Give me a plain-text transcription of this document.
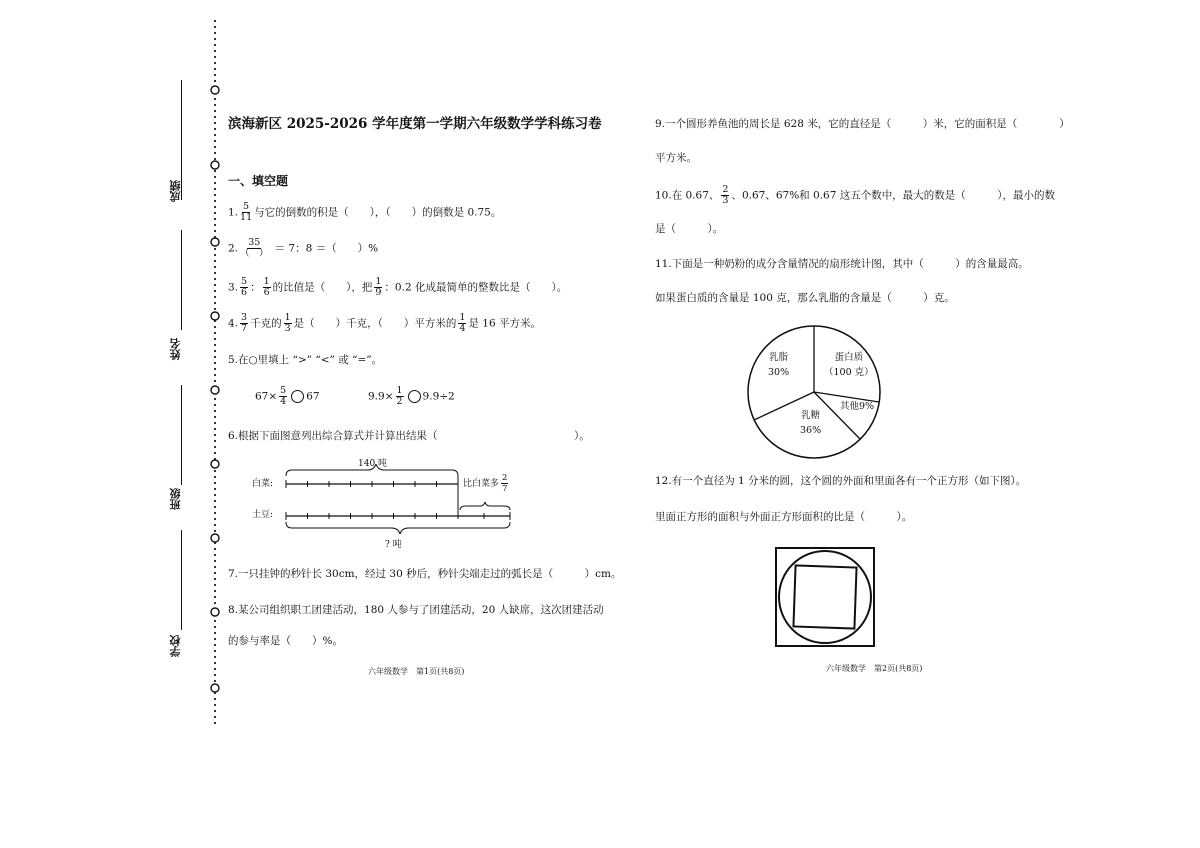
成绩
姓名
班级
学校
滨海新区 2025-2026 学年度第一学期六年级数学学科练习卷
一、填空题
1. $\frac{5}{11}$ 与它的倒数的积是（　　），（　　）的倒数是 0.75。
2. $\frac{35}{( )} = 7$：8 ＝（　　）%
3. $\frac{5}{6}$ ： $\frac{1}{6}$ 的比值是（　　），把 $\frac{1}{9}$ ：0.2 化成最简单的整数比是（　　）。
4. $\frac{3}{7}$ 千克的 $\frac{1}{3}$ 是（　　）千克，（　　）平方米的 $\frac{1}{4}$ 是 16 平方米。
5.在○里填上 “>” “<” 或 “=”。
$67\times \frac{5}{4} 67$	$9.9\times \frac{1}{2} 9.9\div 2$
6.根据下面图意列出综合算式并计算出结果（　　　　　　　　　　　　　）。
140 吨
白菜:
土豆:
比白菜多 $\frac{2}{7}$
? 吨
7.一只挂钟的秒针长 30cm，经过 30 秒后，秒针尖端走过的弧长是（　　　）cm。
8.某公司组织职工团建活动，180 人参与了团建活动，20 人缺席，这次团建活动
的参与率是（　　）%。
六年级数学　第1页(共8页)
9.一个圆形养鱼池的周长是 628 米，它的直径是（　　　）米，它的面积是（　　　　）
平方米。
10.在 0.67、 $\frac{2}{3}$ 、0.6̇7̇、67%和 0.67̇ 这五个数中，最大的数是（　　　），最小的数
是（　　　）。
11.下面是一种奶粉的成分含量情况的扇形统计图，其中（　　　）的含量最高。
如果蛋白质的含量是 100 克，那么乳脂的含量是（　　　）克。
乳脂
30%
蛋白质
（100 克）
其他9%
乳糖
36%
12.有一个直径为 1 分米的圆，这个圆的外面和里面各有一个正方形（如下图）。
里面正方形的面积与外面正方形面积的比是（　　　）。
六年级数学　第2页(共8页)
